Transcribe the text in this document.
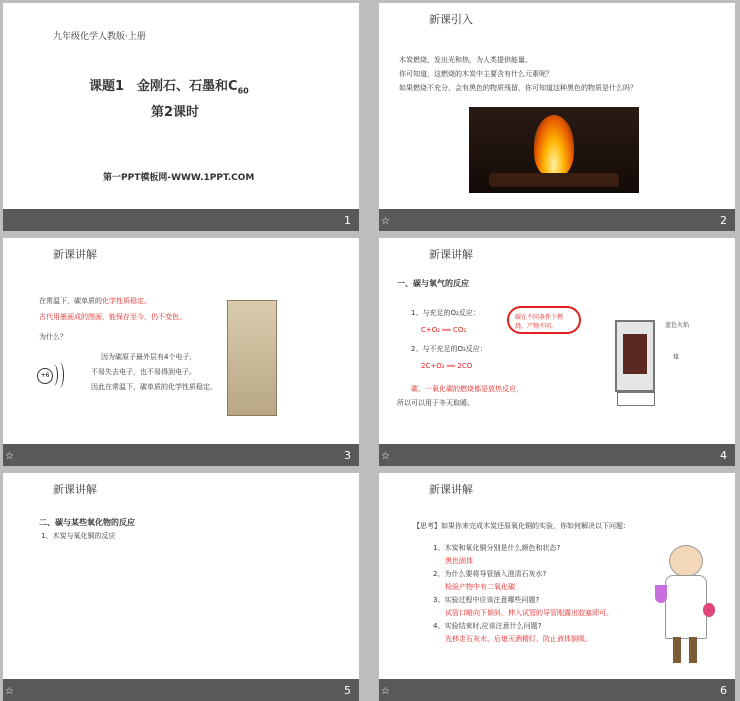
九年级化学人教版·上册
课题1　金刚石、石墨和$C_{60}$
第2课时
第一PPT模板网-WWW.1PPT.COM
1
新课引入
木炭燃烧，发出光和热，为人类提供能量。
你可知道，这燃烧的木炭中主要含有什么元素呢？
如果燃烧不充分，会有黑色的物质残留，你可知道这种黑色的物质是什么吗？
☆	2
新课讲解
在常温下，碳单质的化学性质稳定。
古代用墨画成的图画，能保存至今，仍不变色。
为什么？
+6
因为碳原子最外层有4个电子，
不易失去电子，也不易得到电子。
因此在常温下，碳单质的化学性质稳定。
☆	3
新课讲解
一、碳与氧气的反应
1、与充足的O₂反应：
C+O₂ ══ CO₂
2、与不充足的O₂反应：
2C+O₂ ══ 2CO
碳、一氧化碳的燃烧都是放热反应，
所以可以用于冬天取暖。
碳在不同条件下燃烧，产物不同。	蓝色火焰
煤
☆	4
新课讲解
二、碳与某些氧化物的反应
1、木炭与氧化铜的反应
☆	5
新课讲解
【思考】如果你来完成木炭还原氧化铜的实验，你如何解决以下问题：
1、木炭和氧化铜分别是什么颜色和状态?
黑色固体
2、为什么要将导管插入澄清石灰水?
检验产物中有二氧化碳
3、实验过程中应该注意哪些问题?
试管口略向下倾斜，伸入试管的导管刚露出胶塞即可。
4、实验结束时,应该注意什么问题?
先移走石灰水，后熄灭酒精灯，防止液体倒吸。
☆	6
